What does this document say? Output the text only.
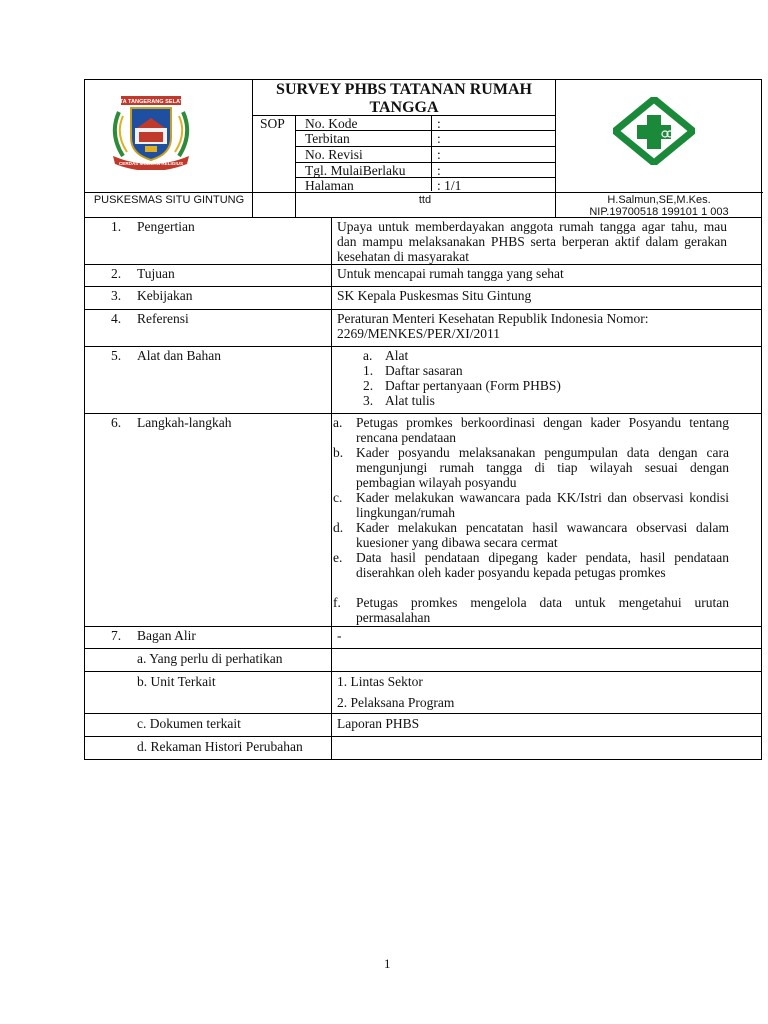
KOTA TANGERANG SELATAN
CERDAS MODERN RELIGIUS
SURVEY PHBS TATANAN RUMAH TANGGA
SOP No. Kode	:
Terbitan	:
No. Revisi	:
Tgl. MulaiBerlaku :
Halaman	: 1/1
PUSKESMAS SITU GINTUNG	ttd	H.Salmun,SE,M.Kes.
NIP.19700518 199101 1 003
1. Pengertian	Upaya untuk memberdayakan anggota rumah tangga agar tahu, mau dan mampu melaksanakan PHBS serta berperan aktif dalam gerakan kesehatan di masyarakat
2. Tujuan	Untuk mencapai rumah tangga yang sehat
3. Kebijakan	SK Kepala Puskesmas Situ Gintung
4. Referensi	Peraturan Menteri Kesehatan Republik Indonesia Nomor: 2269/MENKES/PER/XI/2011
5. Alat dan Bahan	a. Alat
1. Daftar sasaran
2. Daftar pertanyaan (Form PHBS)
3. Alat tulis
6. Langkah-langkah	a. Petugas promkes berkoordinasi dengan kader Posyandu tentang rencana pendataan
b. Kader posyandu melaksanakan pengumpulan data dengan cara mengunjungi rumah tangga di tiap wilayah sesuai dengan pembagian wilayah posyandu
c. Kader melakukan wawancara pada KK/Istri dan observasi kondisi lingkungan/rumah
d. Kader melakukan pencatatan hasil wawancara observasi dalam kuesioner yang dibawa secara cermat
e. Data hasil pendataan dipegang kader pendata, hasil pendataan diserahkan oleh kader posyandu kepada petugas promkes
f. Petugas promkes mengelola data untuk mengetahui urutan permasalahan
7. Bagan Alir	-
a. Yang perlu di perhatikan
b. Unit Terkait	1. Lintas Sektor
2. Pelaksana Program
c. Dokumen terkait	Laporan PHBS
d. Rekaman Histori Perubahan
1
